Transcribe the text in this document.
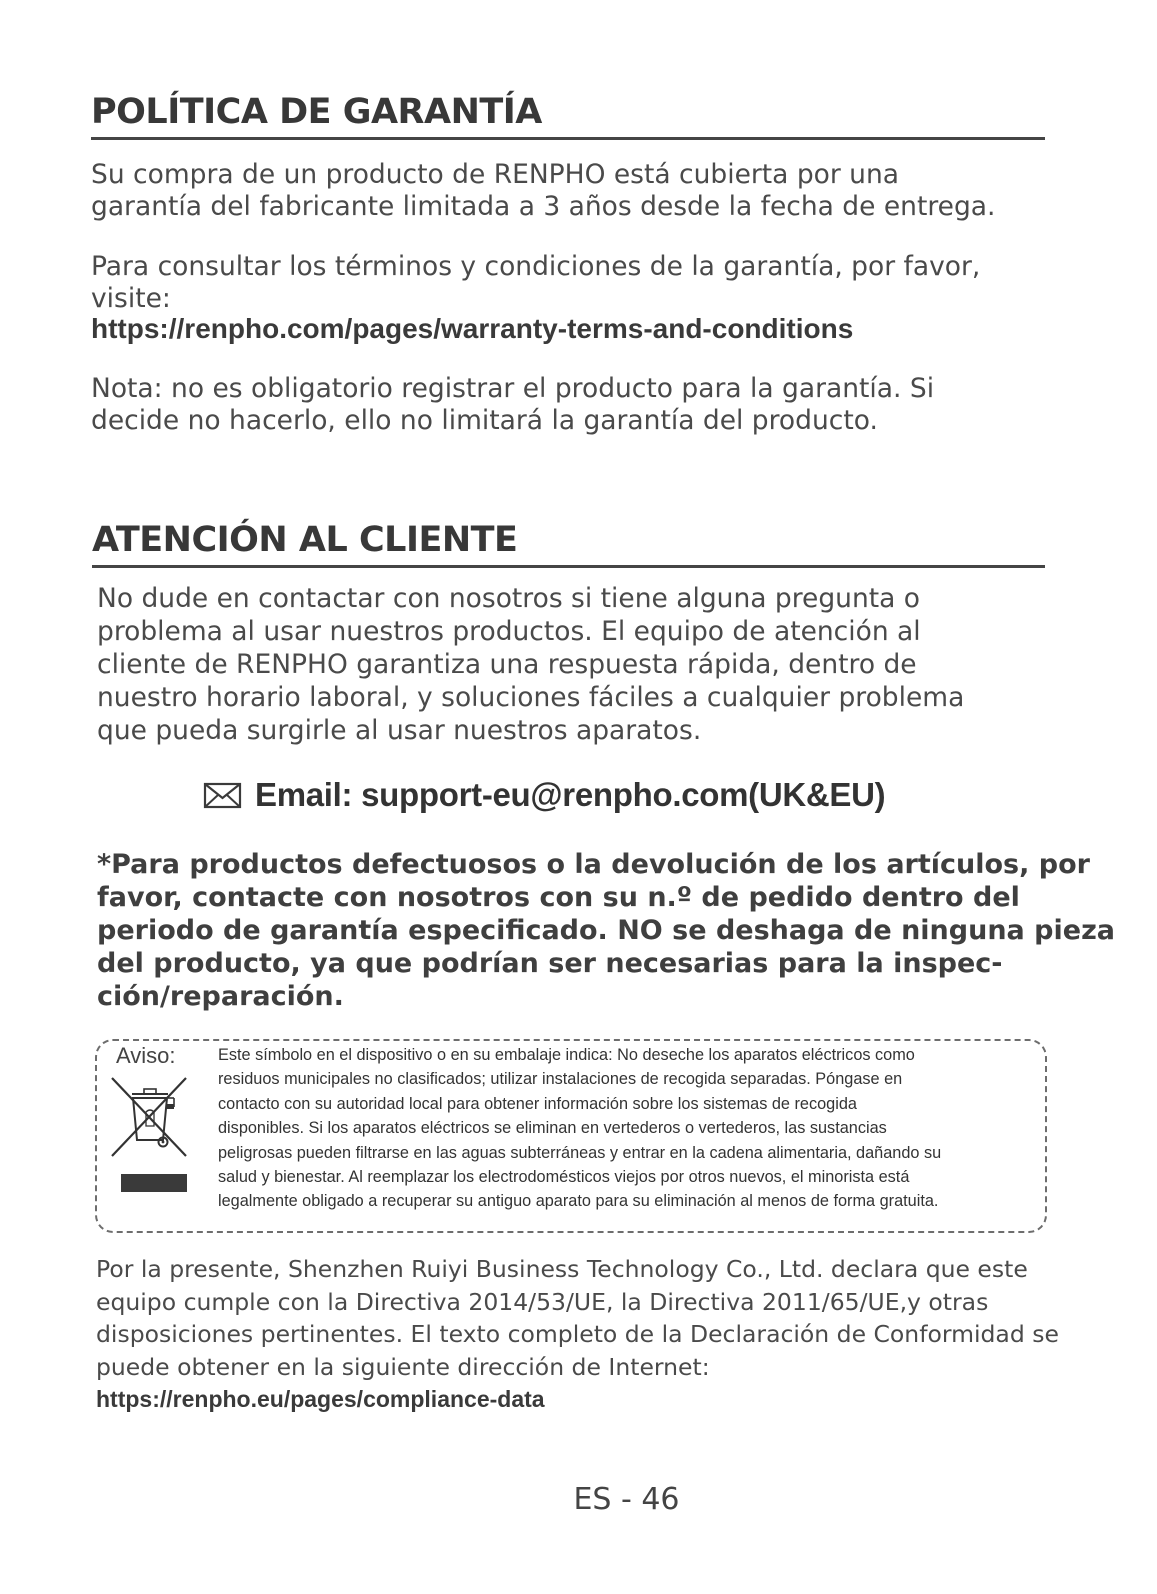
POLÍTICA DE GARANTÍA
Su compra de un producto de RENPHO está cubierta por una
garantía del fabricante limitada a 3 años desde la fecha de entrega.
Para consultar los términos y condiciones de la garantía, por favor,
visite:
https://renpho.com/pages/warranty-terms-and-conditions
Nota: no es obligatorio registrar el producto para la garantía. Si
decide no hacerlo, ello no limitará la garantía del producto.
ATENCIÓN AL CLIENTE
No dude en contactar con nosotros si tiene alguna pregunta o
problema al usar nuestros productos. El equipo de atención al
cliente de RENPHO garantiza una respuesta rápida, dentro de
nuestro horario laboral, y soluciones fáciles a cualquier problema
que pueda surgirle al usar nuestros aparatos.
Email: support-eu@renpho.com(UK&EU)
*Para productos defectuosos o la devolución de los artículos, por
favor, contacte con nosotros con su n.º de pedido dentro del
periodo de garantía especificado. NO se deshaga de ninguna pieza
del producto, ya que podrían ser necesarias para la inspec-
ción/reparación.
Aviso:	Este símbolo en el dispositivo o en su embalaje indica: No deseche los aparatos eléctricos como
residuos municipales no clasificados; utilizar instalaciones de recogida separadas. Póngase en
contacto con su autoridad local para obtener información sobre los sistemas de recogida
disponibles. Si los aparatos eléctricos se eliminan en vertederos o vertederos, las sustancias
peligrosas pueden filtrarse en las aguas subterráneas y entrar en la cadena alimentaria, dañando su
salud y bienestar. Al reemplazar los electrodomésticos viejos por otros nuevos, el minorista está
legalmente obligado a recuperar su antiguo aparato para su eliminación al menos de forma gratuita.
Por la presente, Shenzhen Ruiyi Business Technology Co., Ltd. declara que este
equipo cumple con la Directiva 2014/53/UE, la Directiva 2011/65/UE,y otras
disposiciones pertinentes. El texto completo de la Declaración de Conformidad se
puede obtener en la siguiente dirección de Internet:
https://renpho.eu/pages/compliance-data
ES - 46
